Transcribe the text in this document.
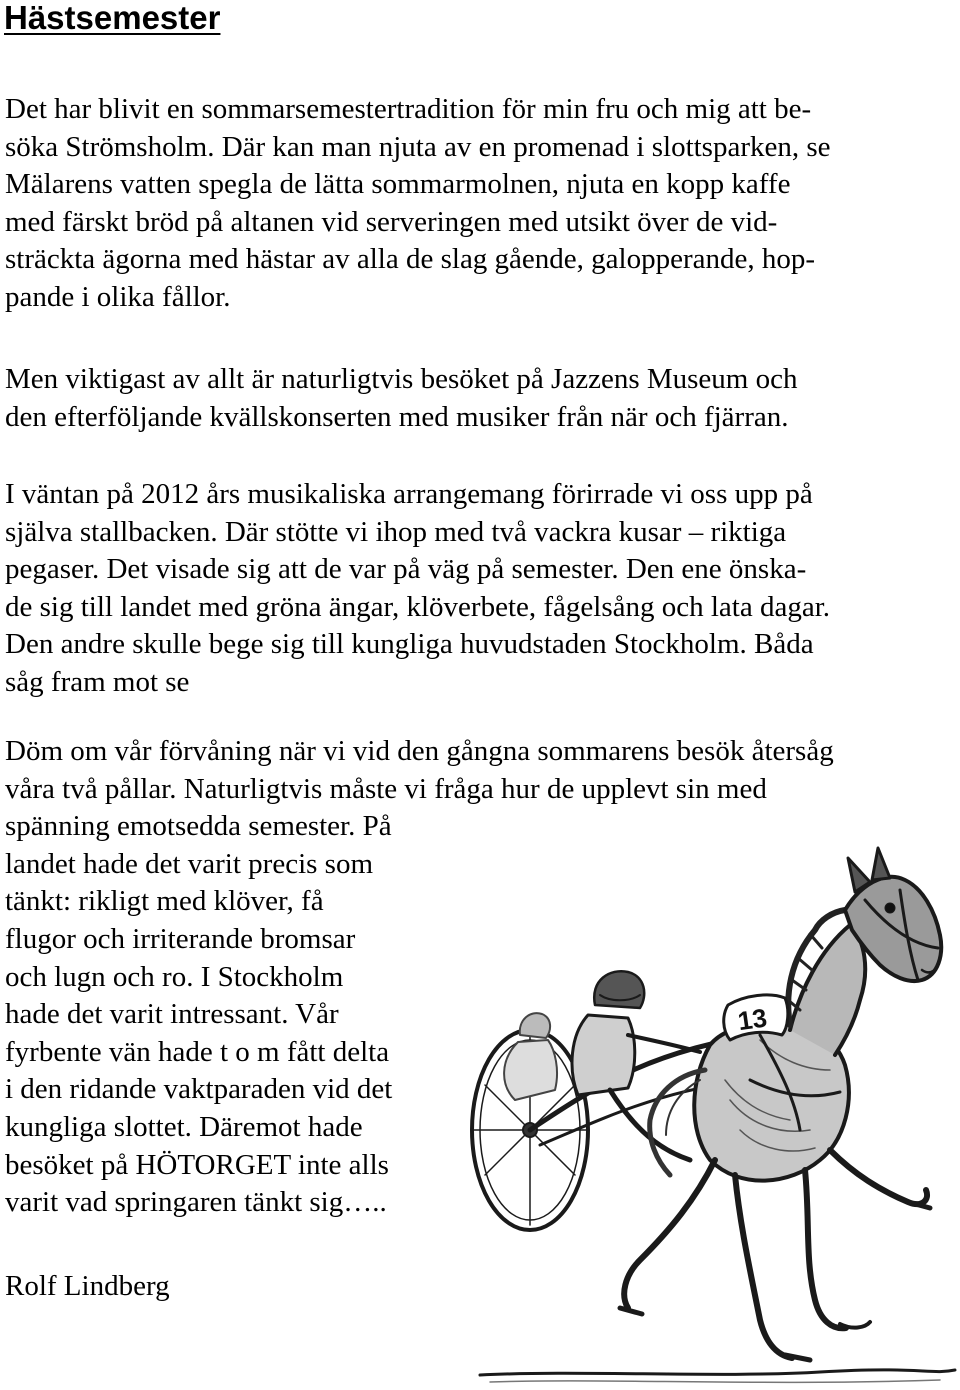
Hästsemester

Det har blivit en sommarsemestertradition för min fru och mig att be-
söka Strömsholm. Där kan man njuta av en promenad i slottsparken, se
Mälarens vatten spegla de lätta sommarmolnen, njuta en kopp kaffe
med färskt bröd på altanen vid serveringen med utsikt över de vid-
sträckta ägorna med hästar av alla de slag gående, galopperande, hop-
pande i olika fållor.

Men viktigast av allt är naturligtvis besöket på Jazzens Museum och
den efterföljande kvällskonserten med musiker från när och fjärran.

I väntan på 2012 års musikaliska arrangemang förirrade vi oss upp på
själva stallbacken. Där stötte vi ihop med två vackra kusar – riktiga
pegaser. Det visade sig att de var på väg på semester. Den ene önska-
de sig till landet med gröna ängar, klöverbete, fågelsång och lata dagar.
Den andre skulle bege sig till kungliga huvudstaden Stockholm. Båda
såg fram mot se

Döm om vår förvåning när vi vid den gångna sommarens besök återsåg
våra två pållar. Naturligtvis måste vi fråga hur de upplevt sin med
spänning emotsedda semester. På
landet hade det varit precis som
tänkt: rikligt med klöver, få
flugor och irriterande bromsar
och lugn och ro. I Stockholm
hade det varit intressant. Vår
fyrbente vän hade t o m fått delta
i den ridande vaktparaden vid det
kungliga slottet. Däremot hade
besöket på HÖTORGET inte alls
varit vad springaren tänkt sig…..

Rolf Lindberg

13
